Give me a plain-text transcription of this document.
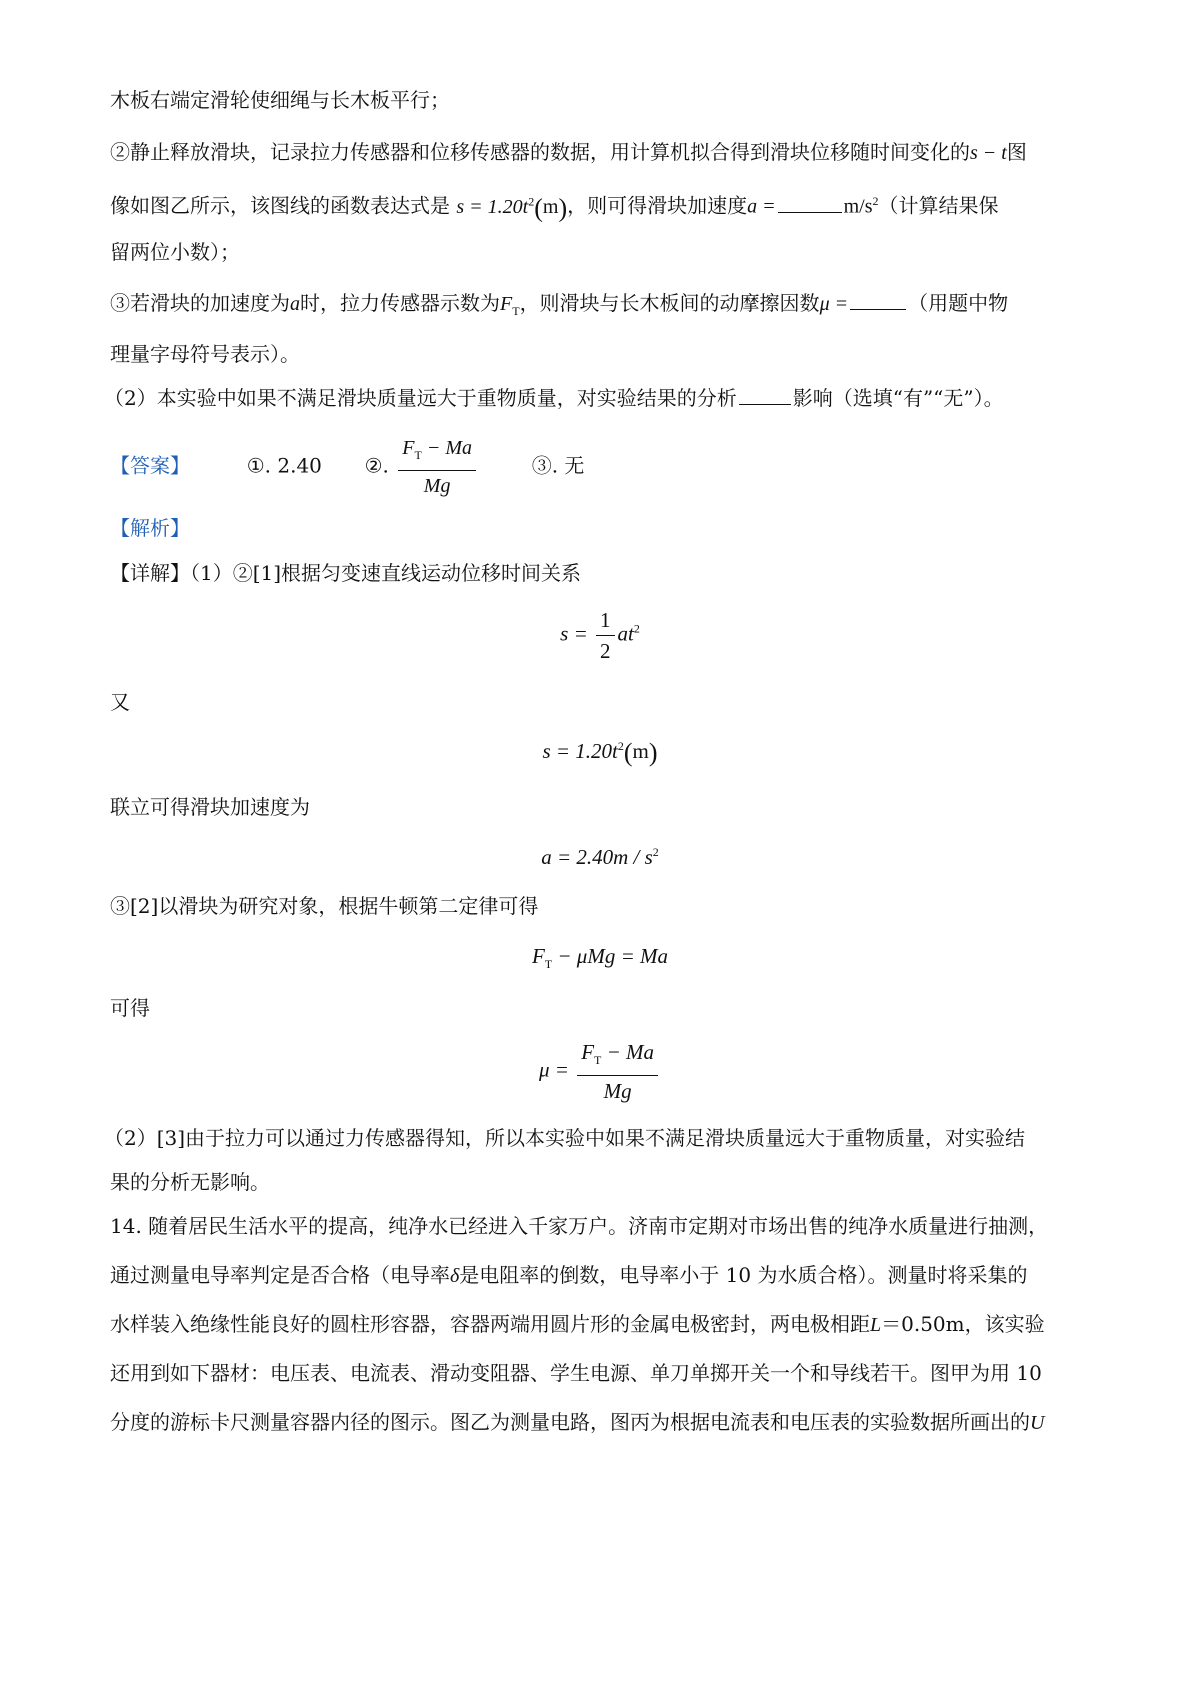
木板右端定滑轮使细绳与长木板平行；
②静止释放滑块，记录拉力传感器和位移传感器的数据，用计算机拟合得到滑块位移随时间变化的s − t图
像如图乙所示，该图线的函数表达式是 $s = 1.20t^2(m)$，则可得滑块加速度a =	$m/s^2$（计算结果保
留两位小数）；
③若滑块的加速度为a时，拉力传感器示数为$F_T$，则滑块与长木板间的动摩擦因数μ =	（用题中物
理量字母符号表示）。
（2）本实验中如果不满足滑块质量远大于重物质量，对实验结果的分析	影响（选填“有”“无”）。
【答案】	①. 2.40 ②. $\frac{F_T - Ma}{Mg}$	③. 无
【解析】
【详解】（1）②[1]根据匀变速直线运动位移时间关系
$s = \frac{1}{2} at^2$
又
$s = 1.20t^2(m)$
联立可得滑块加速度为
$a = 2.40m / s^2$
③[2]以滑块为研究对象，根据牛顿第二定律可得
$F_T - \mu Mg = Ma$
可得
$\mu = \frac{F_T - Ma}{Mg}$
（2）[3]由于拉力可以通过力传感器得知，所以本实验中如果不满足滑块质量远大于重物质量，对实验结
果的分析无影响。
14. 随着居民生活水平的提高，纯净水已经进入千家万户。济南市定期对市场出售的纯净水质量进行抽测，
通过测量电导率判定是否合格（电导率δ是电阻率的倒数，电导率小于 10 为水质合格）。测量时将采集的
水样装入绝缘性能良好的圆柱形容器，容器两端用圆片形的金属电极密封，两电极相距L＝0.50m，该实验
还用到如下器材：电压表、电流表、滑动变阻器、学生电源、单刀单掷开关一个和导线若干。图甲为用 10
分度的游标卡尺测量容器内径的图示。图乙为测量电路，图丙为根据电流表和电压表的实验数据所画出的U
